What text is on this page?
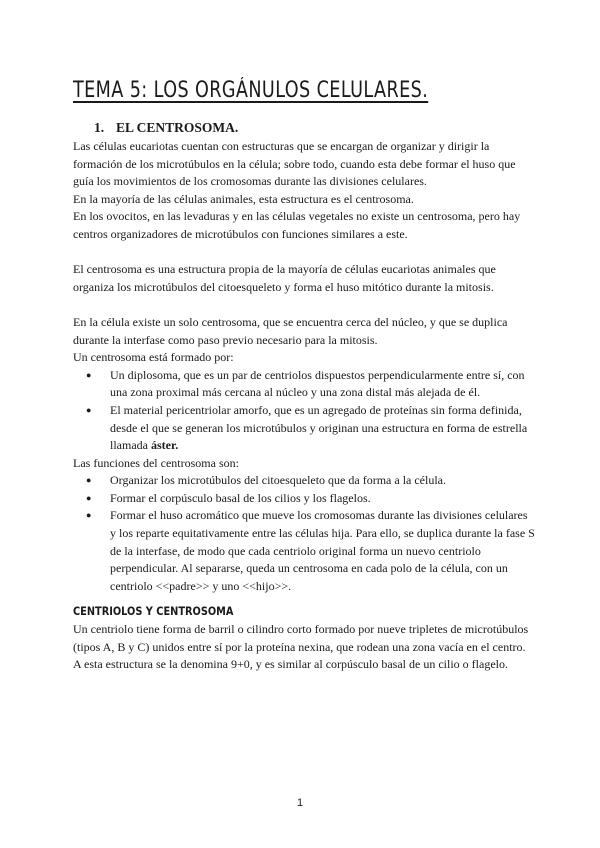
TEMA 5: LOS ORGÁNULOS CELULARES.
1. EL CENTROSOMA.

Las células eucariotas cuentan con estructuras que se encargan de organizar y dirigir la formación de los microtúbulos en la célula; sobre todo, cuando esta debe formar el huso que guía los movimientos de los cromosomas durante las divisiones celulares.

En la mayoría de las células animales, esta estructura es el centrosoma.

En los ovocitos, en las levaduras y en las células vegetales no existe un centrosoma, pero hay centros organizadores de microtúbulos con funciones similares a este.

El centrosoma es una estructura propia de la mayoría de células eucariotas animales que organiza los microtúbulos del citoesqueleto y forma el huso mitótico durante la mitosis.

En la célula existe un solo centrosoma, que se encuentra cerca del núcleo, y que se duplica durante la interfase como paso previo necesario para la mitosis.

Un centrosoma está formado por:

● Un diplosoma, que es un par de centriolos dispuestos perpendicularmente entre sí, con una zona proximal más cercana al núcleo y una zona distal más alejada de él.
● El material pericentriolar amorfo, que es un agregado de proteínas sin forma definida, desde el que se generan los microtúbulos y originan una estructura en forma de estrella llamada áster.

Las funciones del centrosoma son:

● Organizar los microtúbulos del citoesqueleto que da forma a la célula.
● Formar el corpúsculo basal de los cilios y los flagelos.
● Formar el huso acromático que mueve los cromosomas durante las divisiones celulares y los reparte equitativamente entre las células hija. Para ello, se duplica durante la fase S de la interfase, de modo que cada centriolo original forma un nuevo centriolo perpendicular. Al separarse, queda un centrosoma en cada polo de la célula, con un centriolo <<padre>> y uno <<hijo>>.
CENTRIOLOS Y CENTROSOMA

Un centriolo tiene forma de barril o cilindro corto formado por nueve tripletes de microtúbulos (tipos A, B y C) unidos entre sí por la proteína nexina, que rodean una zona vacía en el centro. A esta estructura se la denomina 9+0, y es similar al corpúsculo basal de un cilio o flagelo.

1
